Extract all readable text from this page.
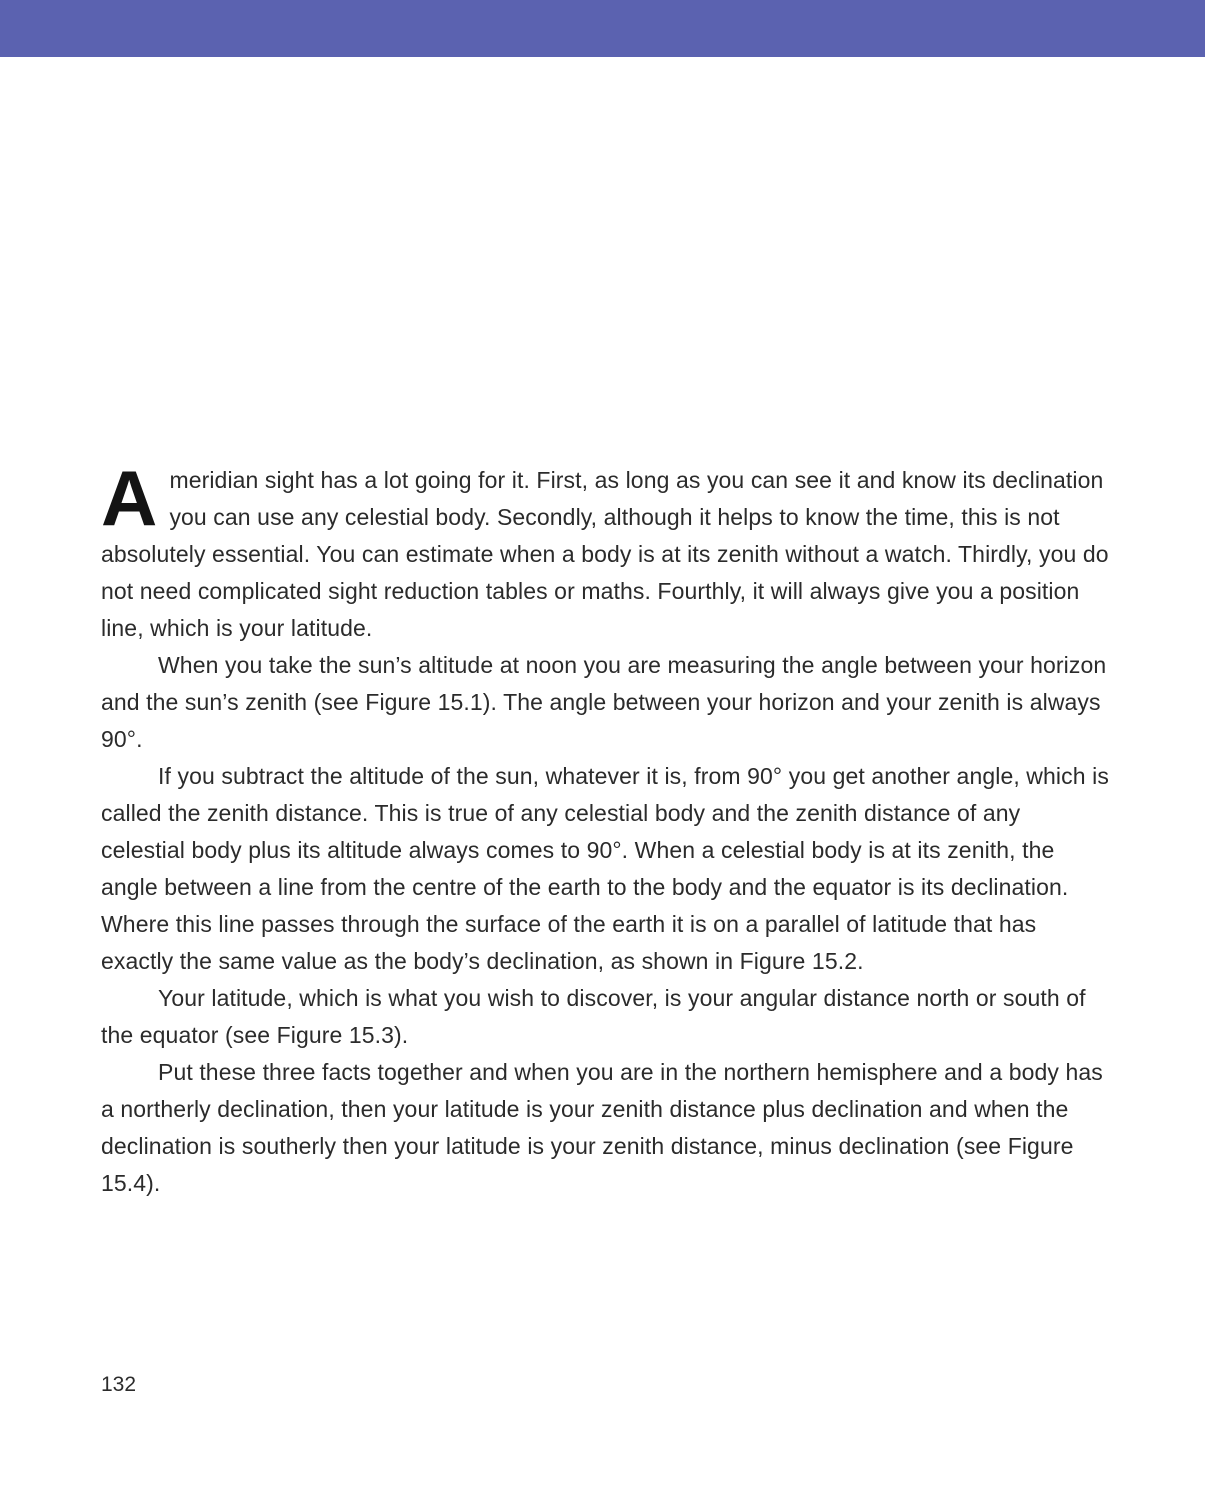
Ameridian sight has a lot going for it. First, as long as you can see it and know its declination you can use any celestial body. Secondly, although it helps to know the time, this is not absolutely essential. You can estimate when a body is at its zenith without a watch. Thirdly, you do not need complicated sight reduction tables or maths. Fourthly, it will always give you a position line, which is your latitude.

When you take the sun’s altitude at noon you are measuring the angle between your horizon and the sun’s zenith (see Figure 15.1). The angle between your horizon and your zenith is always 90°.

If you subtract the altitude of the sun, whatever it is, from 90° you get another angle, which is called the zenith distance. This is true of any celestial body and the zenith distance of any celestial body plus its altitude always comes to 90°. When a celestial body is at its zenith, the angle between a line from the centre of the earth to the body and the equator is its declination. Where this line passes through the surface of the earth it is on a parallel of latitude that has exactly the same value as the body’s declination, as shown in Figure 15.2.

Your latitude, which is what you wish to discover, is your angular distance north or south of the equator (see Figure 15.3).

Put these three facts together and when you are in the northern hemisphere and a body has a northerly declination, then your latitude is your zenith distance plus declination and when the declination is southerly then your latitude is your zenith distance, minus declination (see Figure 15.4).

132
